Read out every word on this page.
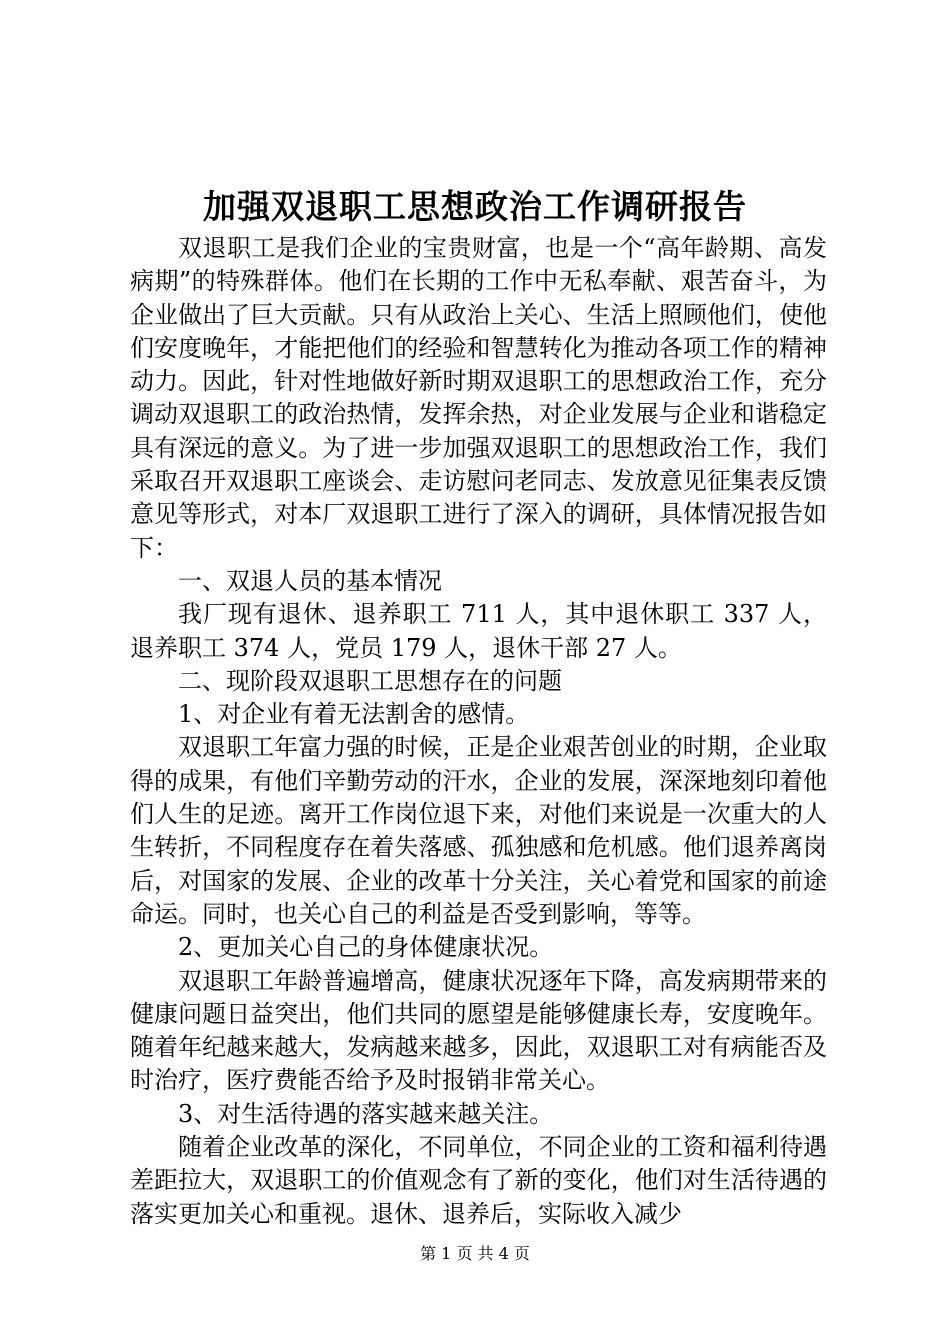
加强双退职工思想政治工作调研报告

双退职工是我们企业的宝贵财富，也是一个“高年龄期、高发病期”的特殊群体。他们在长期的工作中无私奉献、艰苦奋斗，为企业做出了巨大贡献。只有从政治上关心、生活上照顾他们，使他们安度晚年，才能把他们的经验和智慧转化为推动各项工作的精神动力。因此，针对性地做好新时期双退职工的思想政治工作，充分调动双退职工的政治热情，发挥余热，对企业发展与企业和谐稳定具有深远的意义。为了进一步加强双退职工的思想政治工作，我们采取召开双退职工座谈会、走访慰问老同志、发放意见征集表反馈意见等形式，对本厂双退职工进行了深入的调研，具体情况报告如下：

一、双退人员的基本情况

我厂现有退休、退养职工 711 人，其中退休职工 337 人，退养职工 374 人，党员 179 人，退休干部 27 人。

二、现阶段双退职工思想存在的问题

1、对企业有着无法割舍的感情。

双退职工年富力强的时候，正是企业艰苦创业的时期，企业取得的成果，有他们辛勤劳动的汗水，企业的发展，深深地刻印着他们人生的足迹。离开工作岗位退下来，对他们来说是一次重大的人生转折，不同程度存在着失落感、孤独感和危机感。他们退养离岗后，对国家的发展、企业的改革十分关注，关心着党和国家的前途命运。同时，也关心自己的利益是否受到影响，等等。

2、更加关心自己的身体健康状况。

双退职工年龄普遍增高，健康状况逐年下降，高发病期带来的健康问题日益突出，他们共同的愿望是能够健康长寿，安度晚年。随着年纪越来越大，发病越来越多，因此，双退职工对有病能否及时治疗，医疗费能否给予及时报销非常关心。

3、对生活待遇的落实越来越关注。

随着企业改革的深化，不同单位，不同企业的工资和福利待遇差距拉大，双退职工的价值观念有了新的变化，他们对生活待遇的落实更加关心和重视。退休、退养后，实际收入减少

第 1 页 共 4 页
